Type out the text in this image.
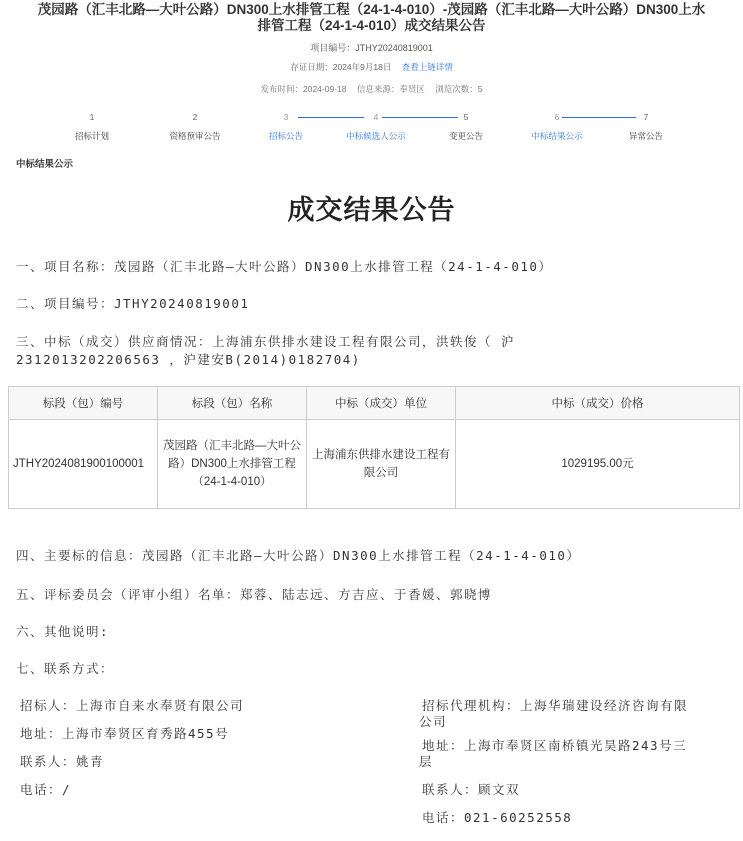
茂园路（汇丰北路—大叶公路）DN300上水排管工程（24-1-4-010）-茂园路（汇丰北路—大叶公路）DN300上水排管工程（24-1-4-010）成交结果公告
项目编号：JTHY20240819001
存证日期：2024年9月18日 查看上链详情
发布时间：2024-09-18 信息来源：奉贤区 浏览次数：5
1
招标计划
2
资格预审公告
3
招标公告
4
中标候选人公示
5
变更公告
6
中标结果公示
7
异常公告
中标结果公示
成交结果公告
一、项目名称：茂园路（汇丰北路—大叶公路）DN300上水排管工程（24-1-4-010）
二、项目编号：JTHY20240819001
三、中标（成交）供应商情况：上海浦东供排水建设工程有限公司，洪轶俊（ 沪
2312013202206563 ，沪建安B(2014)0182704)
标段（包）编号	标段（包）名称	中标（成交）单位	中标（成交）价格
JTHY2024081900100001	茂园路（汇丰北路—大叶公路）DN300上水排管工程（24-1-4-010）	上海浦东供排水建设工程有限公司	1029195.00元
四、主要标的信息：茂园路（汇丰北路—大叶公路）DN300上水排管工程（24-1-4-010）
五、评标委员会（评审小组）名单：郑蓉、陆志远、方吉应、于香媛、郭晓博
六、其他说明:
七、联系方式：
招标人：上海市自来水奉贤有限公司
地址：上海市奉贤区育秀路455号
联系人：姚青
电话：/
招标代理机构：上海华瑞建设经济咨询有限
公司
地址：上海市奉贤区南桥镇光昊路243号三
层
联系人：顾文双
电话：021-60252558
